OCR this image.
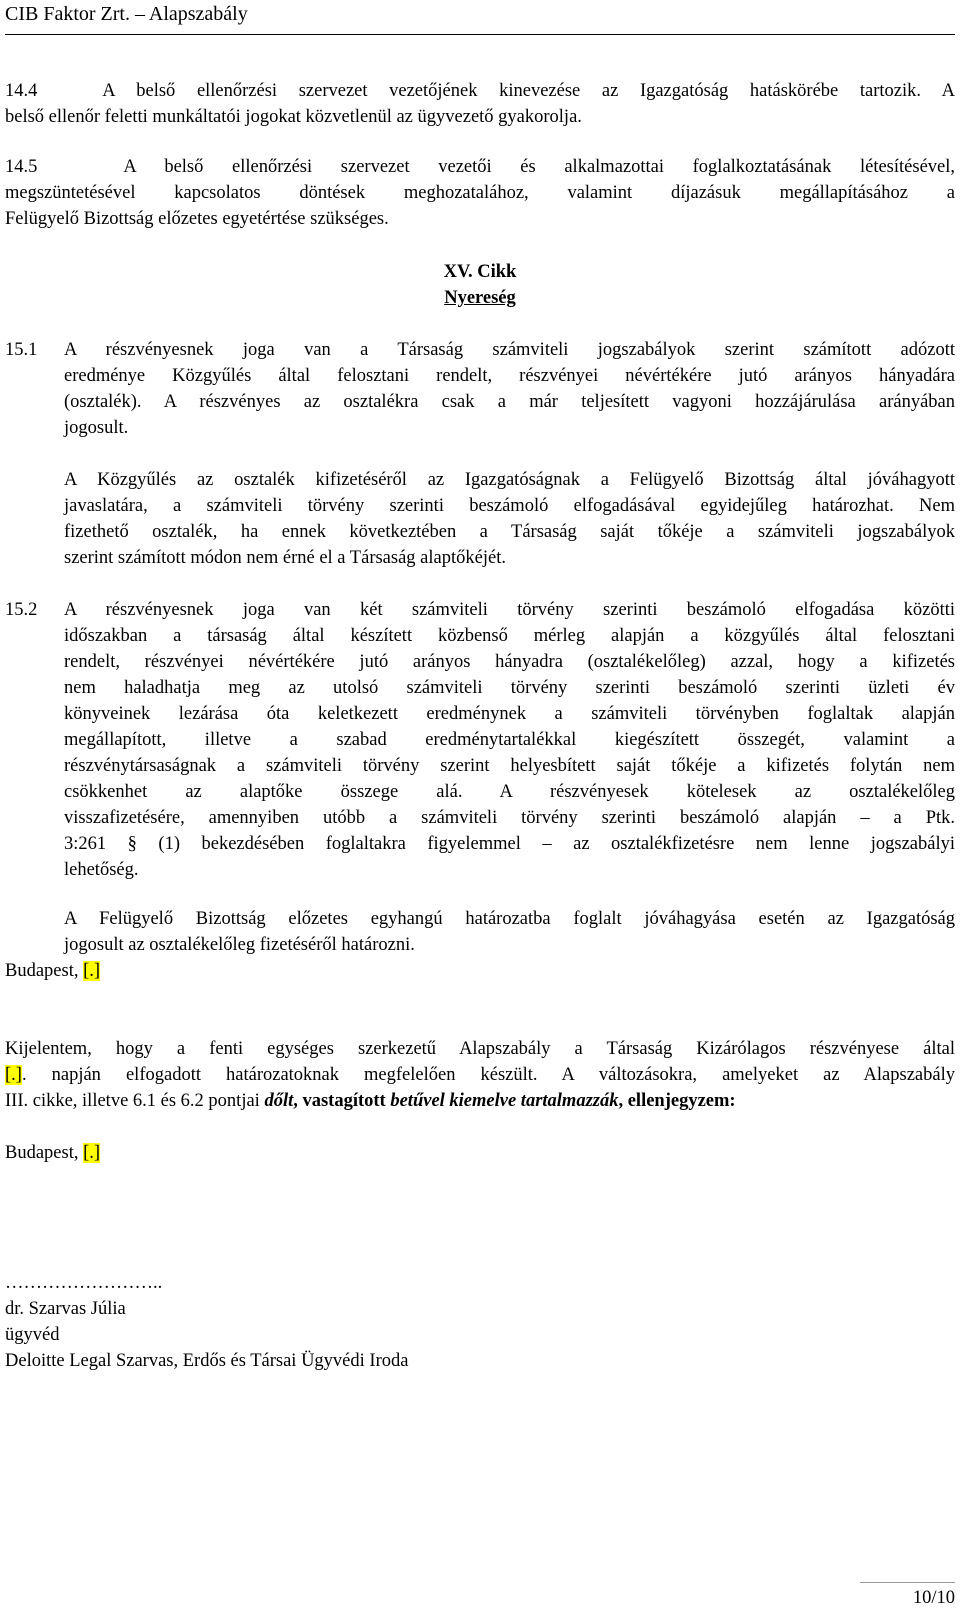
CIB Faktor Zrt. – Alapszabály
14.4	A belső ellenőrzési szervezet vezetőjének kinevezése az Igazgatóság hatáskörébe tartozik. A
belső ellenőr feletti munkáltatói jogokat közvetlenül az ügyvezető gyakorolja.
14.5	A belső ellenőrzési szervezet vezetői és alkalmazottai foglalkoztatásának létesítésével,
megszüntetésével kapcsolatos döntések meghozatalához, valamint díjazásuk megállapításához a
Felügyelő Bizottság előzetes egyetértése szükséges.
XV. Cikk
Nyereség
15.1 A részvényesnek joga van a Társaság számviteli jogszabályok szerint számított adózott
eredménye Közgyűlés által felosztani rendelt, részvényei névértékére jutó arányos hányadára
(osztalék). A részvényes az osztalékra csak a már teljesített vagyoni hozzájárulása arányában
jogosult.
A Közgyűlés az osztalék kifizetéséről az Igazgatóságnak a Felügyelő Bizottság által jóváhagyott
javaslatára, a számviteli törvény szerinti beszámoló elfogadásával egyidejűleg határozhat. Nem
fizethető osztalék, ha ennek következtében a Társaság saját tőkéje a számviteli jogszabályok
szerint számított módon nem érné el a Társaság alaptőkéjét.
15.2 A részvényesnek joga van két számviteli törvény szerinti beszámoló elfogadása közötti
időszakban a társaság által készített közbenső mérleg alapján a közgyűlés által felosztani
rendelt, részvényei névértékére jutó arányos hányadra (osztalékelőleg) azzal, hogy a kifizetés
nem haladhatja meg az utolsó számviteli törvény szerinti beszámoló szerinti üzleti év
könyveinek lezárása óta keletkezett eredménynek a számviteli törvényben foglaltak alapján
megállapított, illetve a szabad eredménytartalékkal kiegészített összegét, valamint a
részvénytársaságnak a számviteli törvény szerint helyesbített saját tőkéje a kifizetés folytán nem
csökkenhet az alaptőke összege alá. A részvényesek kötelesek az osztalékelőleg
visszafizetésére, amennyiben utóbb a számviteli törvény szerinti beszámoló alapján – a Ptk.
3:261 § (1) bekezdésében foglaltakra figyelemmel – az osztalékfizetésre nem lenne jogszabályi
lehetőség.
A Felügyelő Bizottság előzetes egyhangú határozatba foglalt jóváhagyása esetén az Igazgatóság
jogosult az osztalékelőleg fizetéséről határozni.
Budapest, [.]
Kijelentem, hogy a fenti egységes szerkezetű Alapszabály a Társaság Kizárólagos részvényese által
[.]. napján elfogadott határozatoknak megfelelően készült. A változásokra, amelyeket az Alapszabály
III. cikke, illetve 6.1 és 6.2 pontjai dőlt, vastagított betűvel kiemelve tartalmazzák, ellenjegyzem:
Budapest, [.]
……………………..
dr. Szarvas Júlia
ügyvéd
Deloitte Legal Szarvas, Erdős és Társai Ügyvédi Iroda
10/10
